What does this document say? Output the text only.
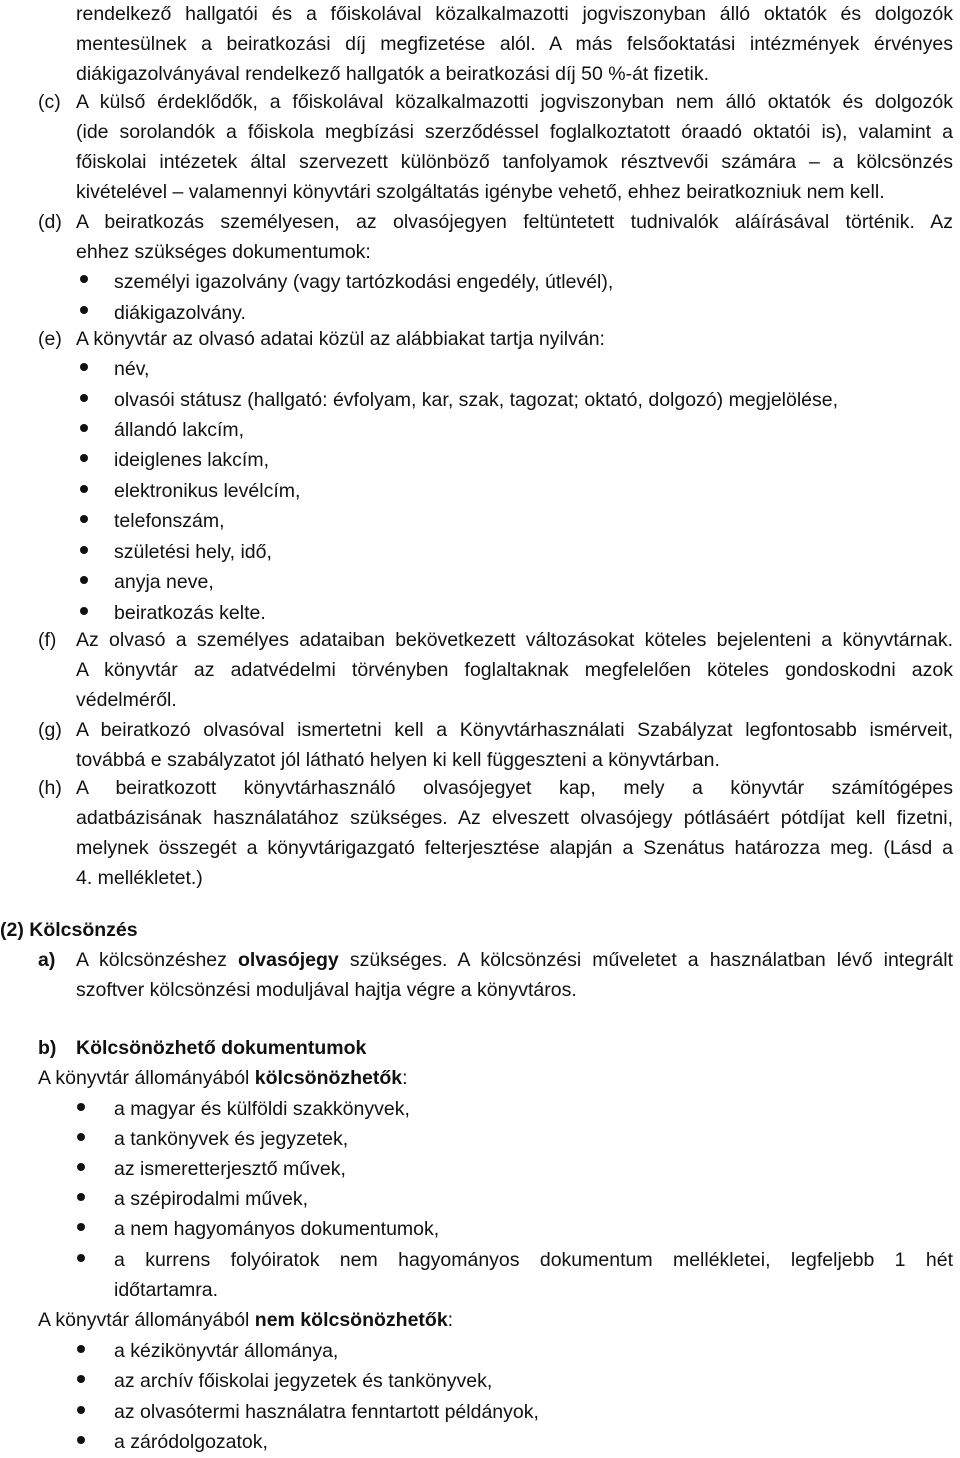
rendelkező hallgatói és a főiskolával közalkalmazotti jogviszonyban álló oktatók és dolgozók
mentesülnek a beiratkozási díj megfizetése alól. A más felsőoktatási intézmények érvényes
diákigazolványával rendelkező hallgatók a beiratkozási díj 50 %-át fizetik.
(c) A külső érdeklődők, a főiskolával közalkalmazotti jogviszonyban nem álló oktatók és dolgozók
(ide sorolandók a főiskola megbízási szerződéssel foglalkoztatott óraadó oktatói is), valamint a
főiskolai intézetek által szervezett különböző tanfolyamok résztvevői számára – a kölcsönzés
kivételével – valamennyi könyvtári szolgáltatás igénybe vehető, ehhez beiratkozniuk nem kell.
(d) A beiratkozás személyesen, az olvasójegyen feltüntetett tudnivalók aláírásával történik. Az
ehhez szükséges dokumentumok:
személyi igazolvány (vagy tartózkodási engedély, útlevél),
diákigazolvány.
(e) A könyvtár az olvasó adatai közül az alábbiakat tartja nyilván:
név,
olvasói státusz (hallgató: évfolyam, kar, szak, tagozat; oktató, dolgozó) megjelölése,
állandó lakcím,
ideiglenes lakcím,
elektronikus levélcím,
telefonszám,
születési hely, idő,
anyja neve,
beiratkozás kelte.
(f) Az olvasó a személyes adataiban bekövetkezett változásokat köteles bejelenteni a könyvtárnak.
A könyvtár az adatvédelmi törvényben foglaltaknak megfelelően köteles gondoskodni azok
védelméről.
(g) A beiratkozó olvasóval ismertetni kell a Könyvtárhasználati Szabályzat legfontosabb ismérveit,
továbbá e szabályzatot jól látható helyen ki kell függeszteni a könyvtárban.
(h) A beiratkozott könyvtárhasználó olvasójegyet kap, mely a könyvtár számítógépes
adatbázisának használatához szükséges. Az elveszett olvasójegy pótlásáért pótdíjat kell fizetni,
melynek összegét a könyvtárigazgató felterjesztése alapján a Szenátus határozza meg. (Lásd a
4. mellékletet.)
(2) Kölcsönzés
a) A kölcsönzéshez olvasójegy szükséges. A kölcsönzési műveletet a használatban lévő integrált
szoftver kölcsönzési moduljával hajtja végre a könyvtáros.
b) Kölcsönözhető dokumentumok
A könyvtár állományából kölcsönözhetők:
a magyar és külföldi szakkönyvek,
a tankönyvek és jegyzetek,
az ismeretterjesztő művek,
a szépirodalmi művek,
a nem hagyományos dokumentumok,
a kurrens folyóiratok nem hagyományos dokumentum mellékletei, legfeljebb 1 hét
időtartamra.
A könyvtár állományából nem kölcsönözhetők:
a kézikönyvtár állománya,
az archív főiskolai jegyzetek és tankönyvek,
az olvasótermi használatra fenntartott példányok,
a záródolgozatok,
